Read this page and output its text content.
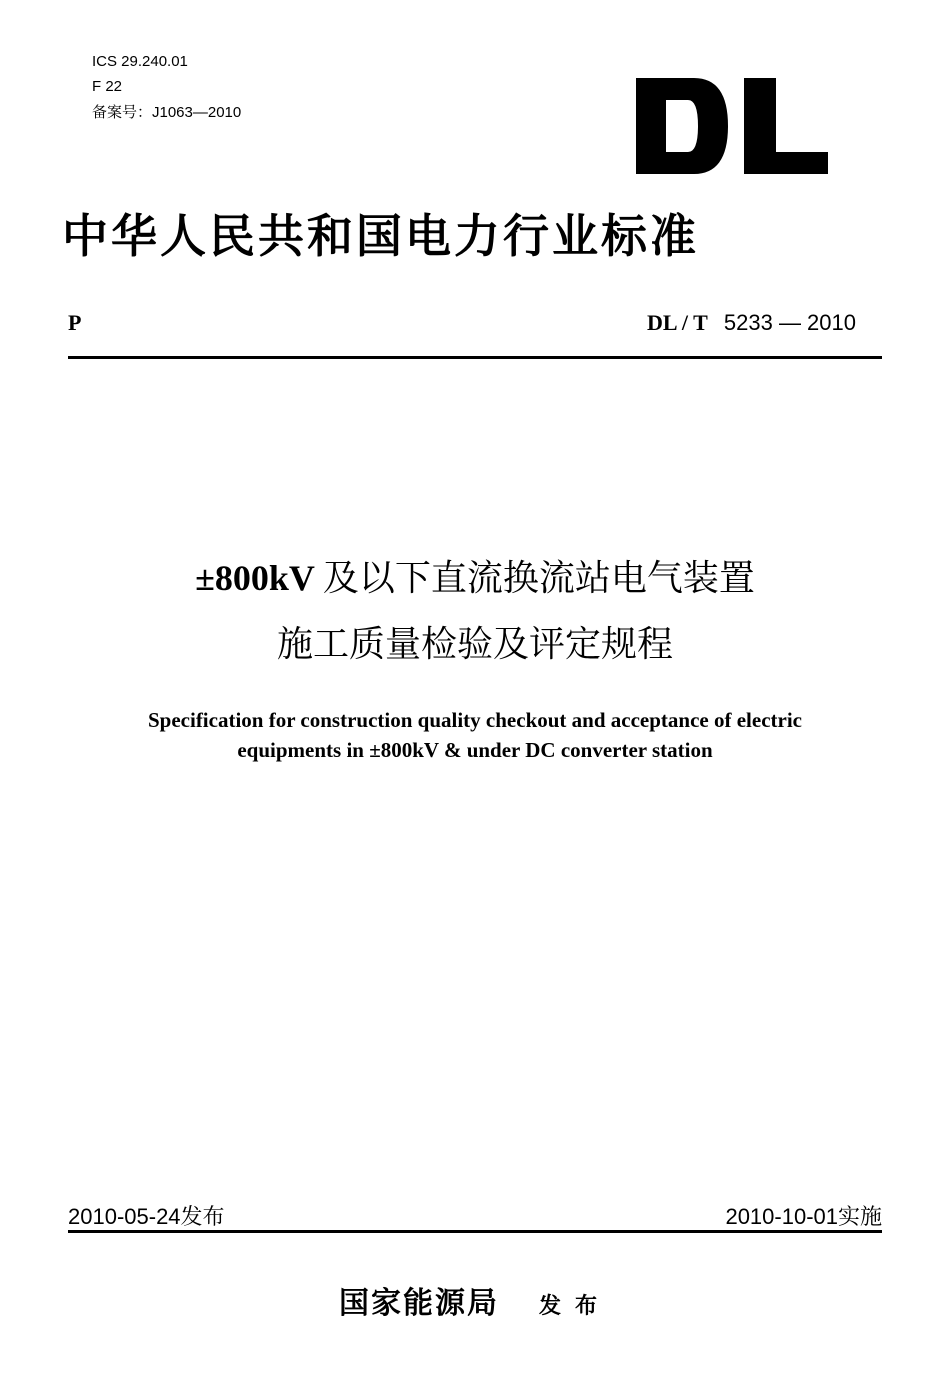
ICS 29.240.01
F 22
备案号：J1063—2010
中华人民共和国电力行业标准
P	DL / T 5233 — 2010
±800kV 及以下直流换流站电气装置
施工质量检验及评定规程
Specification for construction quality checkout and acceptance of electric
equipments in ±800kV & under DC converter station
2010-05-24发布	2010-10-01实施
国家能源局 发布
